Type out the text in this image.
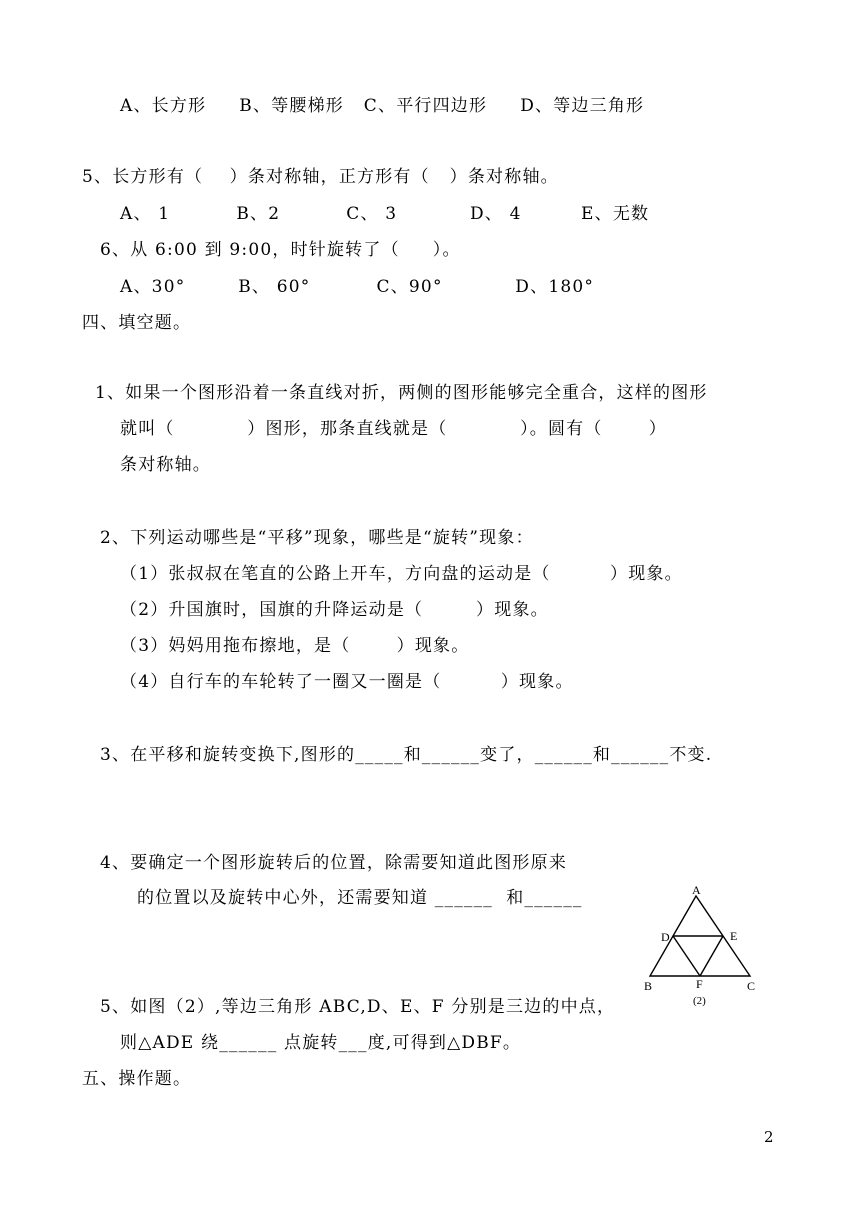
A、长方形     B、等腰梯形   C、平行四边形     D、等边三角形
5、长方形有（    ）条对称轴，正方形有（   ）条对称轴。
A、 1          B、2          C、 3           D、 4         E、无数
6、从 6:00 到 9:00，时针旋转了（     ）。
A、30°        B、 60°          C、90°           D、180°
四、填空题。
1、如果一个图形沿着一条直线对折，两侧的图形能够完全重合，这样的图形
就叫（           ）图形，那条直线就是（           ）。圆有（       ）
条对称轴。
2、下列运动哪些是“平移”现象，哪些是“旋转”现象：
（1）张叔叔在笔直的公路上开车，方向盘的运动是（         ）现象。
（2）升国旗时，国旗的升降运动是（        ）现象。
（3）妈妈用拖布擦地，是（       ）现象。
（4）自行车的车轮转了一圈又一圈是（         ）现象。
3、在平移和旋转变换下,图形的_____和______变了，______和______不变.
4、要确定一个图形旋转后的位置，除需要知道此图形原来
的位置以及旋转中心外，还需要知道 ______  和______
5、如图（2）,等边三角形 ABC,D、E、F 分别是三边的中点，
则△ADE 绕______ 点旋转___度,可得到△DBF。
五、操作题。
A
D	E
B	F	C
(2)
2
